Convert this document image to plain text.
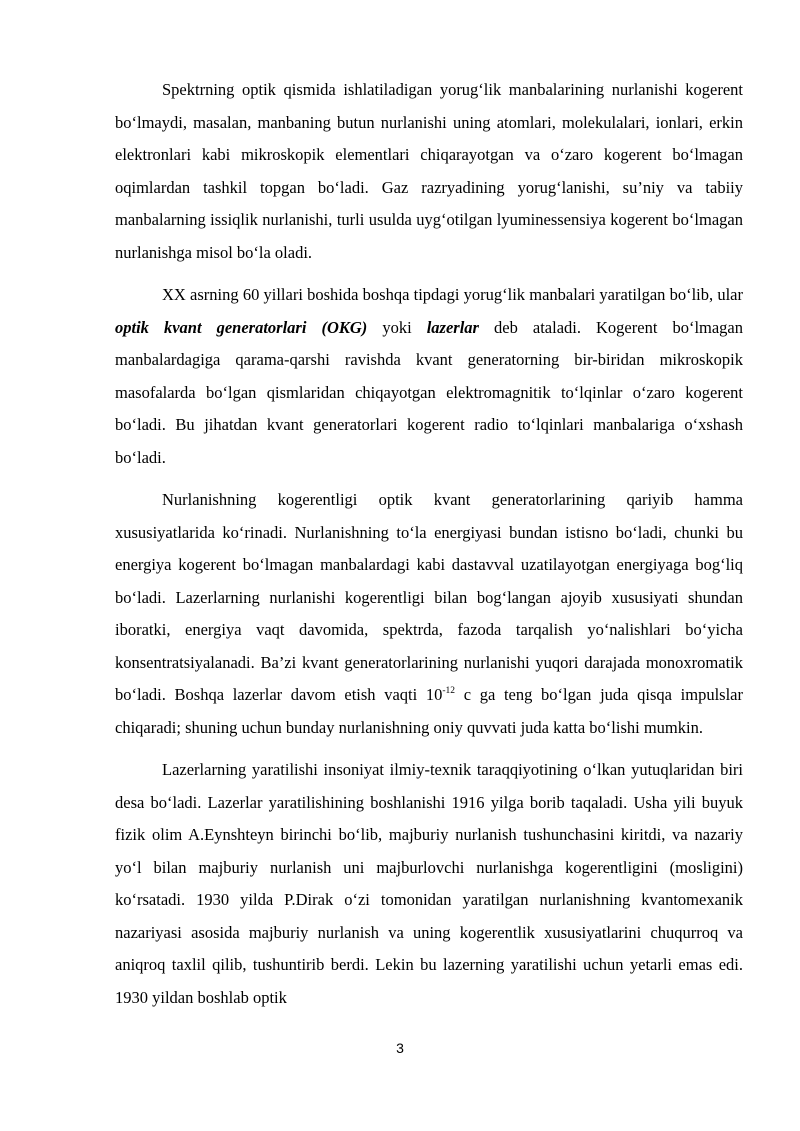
Spektrning optik qismida ishlatiladigan yorug‘lik manbalarining nurlanishi kogerent bo‘lmaydi, masalan, manbaning butun nurlanishi uning atomlari, molekulalari, ionlari, erkin elektronlari kabi mikroskopik elementlari chiqarayotgan va o‘zaro kogerent bo‘lmagan oqimlardan tashkil topgan bo‘ladi. Gaz razryadining yorug‘lanishi, su’niy va tabiiy manbalarning issiqlik nurlanishi, turli usulda uyg‘otilgan lyuminessensiya kogerent bo‘lmagan nurlanishga misol bo‘la oladi.

XX asrning 60 yillari boshida boshqa tipdagi yorug‘lik manbalari yaratilgan bo‘lib, ular optik kvant generatorlari (OKG) yoki lazerlar deb ataladi. Kogerent bo‘lmagan manbalardagiga qarama-qarshi ravishda kvant generatorning bir-biridan mikroskopik masofalarda bo‘lgan qismlaridan chiqayotgan elektromagnitik to‘lqinlar o‘zaro kogerent bo‘ladi. Bu jihatdan kvant generatorlari kogerent radio to‘lqinlari manbalariga o‘xshash bo‘ladi.

Nurlanishning kogerentligi optik kvant generatorlarining qariyib hamma xususiyatlarida ko‘rinadi. Nurlanishning to‘la energiyasi bundan istisno bo‘ladi, chunki bu energiya kogerent bo‘lmagan manbalardagi kabi dastavval uzatilayotgan energiyaga bog‘liq bo‘ladi. Lazerlarning nurlanishi kogerentligi bilan bog‘langan ajoyib xususiyati shundan iboratki, energiya vaqt davomida, spektrda, fazoda tarqalish yo‘nalishlari bo‘yicha konsentratsiyalanadi. Ba’zi kvant generatorlarining nurlanishi yuqori darajada monoxromatik bo‘ladi. Boshqa lazerlar davom etish vaqti $10^{-12}$ c ga teng bo‘lgan juda qisqa impulslar chiqaradi; shuning uchun bunday nurlanishning oniy quvvati juda katta bo‘lishi mumkin.

Lazerlarning yaratilishi insoniyat ilmiy-texnik taraqqiyotining o‘lkan yutuqlaridan biri desa bo‘ladi. Lazerlar yaratilishining boshlanishi 1916 yilga borib taqaladi. Usha yili buyuk fizik olim A.Eynshteyn birinchi bo‘lib, majburiy nurlanish tushunchasini kiritdi, va nazariy yo‘l bilan majburiy nurlanish uni majburlovchi nurlanishga kogerentligini (mosligini) ko‘rsatadi. 1930 yilda P.Dirak o‘zi tomonidan yaratilgan nurlanishning kvantomexanik nazariyasi asosida majburiy nurlanish va uning kogerentlik xususiyatlarini chuqurroq va aniqroq taxlil qilib, tushuntirib berdi. Lekin bu lazerning yaratilishi uchun yetarli emas edi. 1930 yildan boshlab optik

3
